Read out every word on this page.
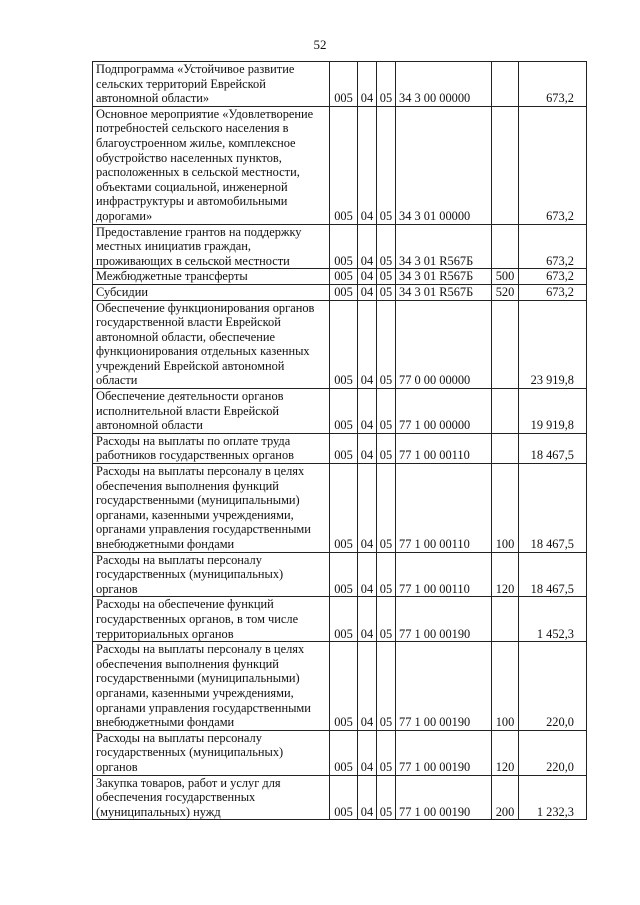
52
Подпрограмма «Устойчивое развитие сельских территорий Еврейской автономной области»	005	04	05	34 3 00 00000		673,2
Основное мероприятие «Удовлетворение потребностей сельского населения в благоустроенном жилье, комплексное обустройство населенных пунктов, расположенных в сельской местности, объектами социальной, инженерной инфраструктуры и автомобильными дорогами»	005	04	05	34 3 01 00000		673,2
Предоставление грантов на поддержку местных инициатив граждан, проживающих в сельской местности	005	04	05	34 3 01 R567Б		673,2
Межбюджетные трансферты	005	04	05	34 3 01 R567Б	500	673,2
Субсидии	005	04	05	34 3 01 R567Б	520	673,2
Обеспечение функционирования органов государственной власти Еврейской автономной области, обеспечение функционирования отдельных казенных учреждений Еврейской автономной области	005	04	05	77 0 00 00000		23 919,8
Обеспечение деятельности органов исполнительной власти Еврейской автономной области	005	04	05	77 1 00 00000		19 919,8
Расходы на выплаты по оплате труда работников государственных органов	005	04	05	77 1 00 00110		18 467,5
Расходы на выплаты персоналу в целях обеспечения выполнения функций государственными (муниципальными) органами, казенными учреждениями, органами управления государственными внебюджетными фондами	005	04	05	77 1 00 00110	100	18 467,5
Расходы на выплаты персоналу государственных (муниципальных) органов	005	04	05	77 1 00 00110	120	18 467,5
Расходы на обеспечение функций государственных органов, в том числе территориальных органов	005	04	05	77 1 00 00190		1 452,3
Расходы на выплаты персоналу в целях обеспечения выполнения функций государственными (муниципальными) органами, казенными учреждениями, органами управления государственными внебюджетными фондами	005	04	05	77 1 00 00190	100	220,0
Расходы на выплаты персоналу государственных (муниципальных) органов	005	04	05	77 1 00 00190	120	220,0
Закупка товаров, работ и услуг для обеспечения государственных (муниципальных) нужд	005	04	05	77 1 00 00190	200	1 232,3
